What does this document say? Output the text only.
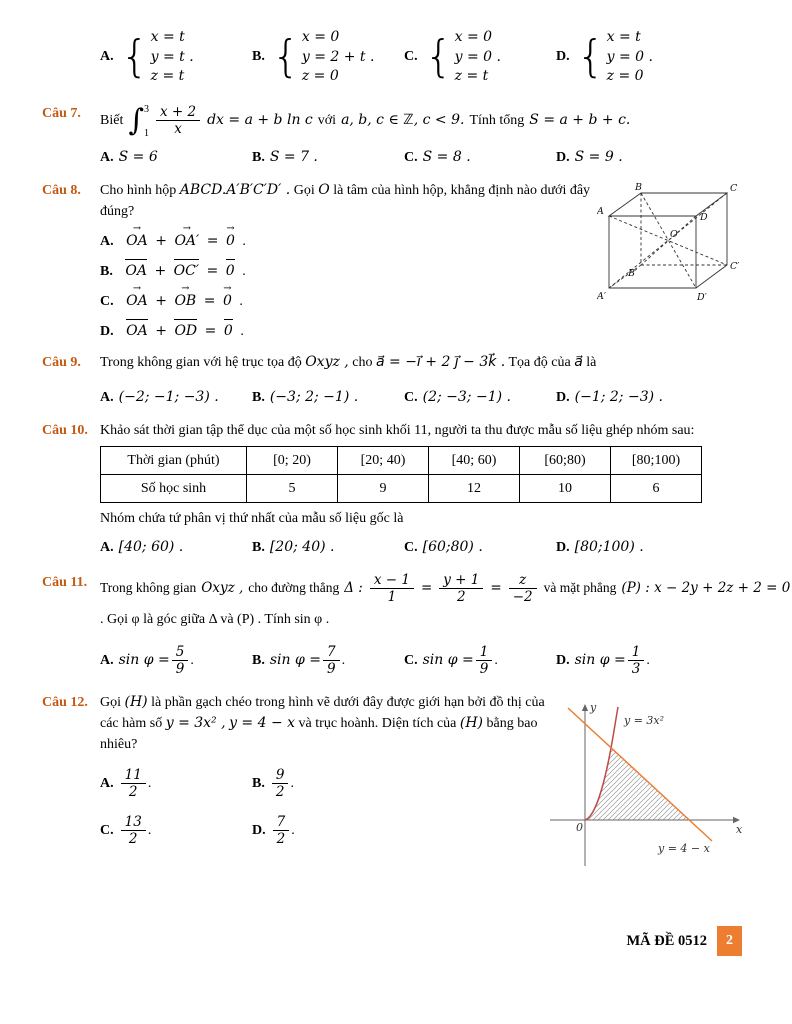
A. { x = t
y = t .
z = t
B. { x = 0
y = 2 + t .
z = 0
C. { x = 0
y = 0 .
z = t
D. { x = t
y = 0 .
z = 0
Câu 7. Biết ∫ 3
$1 \frac{x + 2}{x}$ dx = a + b ln c với a, b, c ∈ ℤ, c < 9. Tính tổng S = a + b + c.
A. S = 6	B. S = 7 .	C. S = 8 .	D. S = 9 .
Câu 8. Cho hình hộp ABCD.A′B′C′D′ . Gọi O là tâm của hình hộp, khẳng định nào dưới đây đúng?
A. OA → + OA′ → = 0 → .
B. OA + OC′ = 0 .
C. OA → + OB → = 0 → .
D. OA + OD = 0 .
A
B	C
D
A′
B′
C′
D′
O
Câu 9. Trong không gian với hệ trục tọa độ Oxyz , cho a⃗ = −i⃗ + 2 j⃗ − 3k⃗ . Tọa độ của a⃗ là
A. (−2; −1; −3) . B. (−3; 2; −1) .	C. (2; −3; −1) .	D. (−1; 2; −3) .
Câu 10. Khảo sát thời gian tập thể dục của một số học sinh khối 11, người ta thu được mẫu số liệu ghép nhóm sau:
Thời gian (phút)	[0; 20)	[20; 40)	[40; 60)	[60;80)	[80;100)
Số học sinh	5	9	12	10	6
Nhóm chứa tứ phân vị thứ nhất của mẫu số liệu gốc là
A. [40; 60) .	B. [20; 40) .	C. [60;80) .	D. [80;100) .
Câu 11. Trong không gian Oxyz , cho đường thẳng Δ : $\frac{x - 1}{1} = \frac{y + 1}{2} = \frac{z}{-2}$ và mặt phẳng (P) : x − 2y + 2z + 2 = 0
. Gọi φ là góc giữa Δ và (P) . Tính sin φ .
A. $\sin \varphi = \frac{5}{9}$ .	B. $\sin \varphi = \frac{7}{9}$ .	C. $\sin \varphi = \frac{1}{9}$ .	D. $\sin \varphi = \frac{1}{3}$ .
Câu 12. Gọi (H) là phần gạch chéo trong hình vẽ dưới đây được giới hạn bởi đồ thị của các hàm số y = 3x² , y = 4 − x và trục hoành. Diện tích của (H) bằng bao nhiêu?
A. $\frac{11}{2}$ .	B. $\frac{9}{2}$ .
C. $\frac{13}{2}$ .	D. $\frac{7}{2}$ .
y = 3x²
y = 4 − x
0	x
y
MÃ ĐỀ 0512	2
